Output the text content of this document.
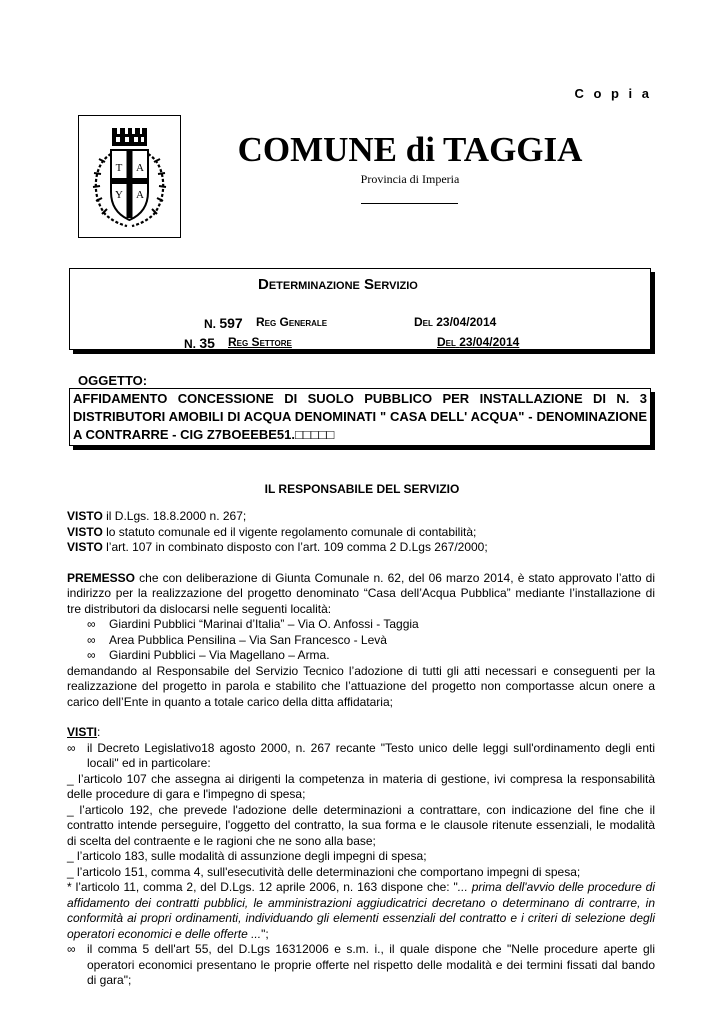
C o p i a
T A
Y A
COMUNE di TAGGIA
Provincia di Imperia
Determinazione Servizio
N. 597 Reg Generale	Del 23/04/2014
N. 35 Reg Settore	Del 23/04/2014
OGGETTO:
AFFIDAMENTO CONCESSIONE DI SUOLO PUBBLICO PER INSTALLAZIONE DI N. 3 DISTRIBUTORI AMOBILI DI ACQUA DENOMINATI " CASA DELL' ACQUA" - DENOMINAZIONE A CONTRARRE - CIG Z7BOEEBE51.□□□□□
IL RESPONSABILE DEL SERVIZIO

VISTO il D.Lgs. 18.8.2000 n. 267;

VISTO lo statuto comunale ed il vigente regolamento comunale di contabilità;

VISTO l’art. 107 in combinato disposto con l’art. 109 comma 2 D.Lgs 267/2000;

PREMESSO che con deliberazione di Giunta Comunale n. 62, del 06 marzo 2014, è stato approvato l’atto di indirizzo per la realizzazione del progetto denominato “Casa dell’Acqua Pubblica” mediante l’installazione di tre distributori da dislocarsi nelle seguenti località:

∞	Giardini Pubblici “Marinai d’Italia” – Via O. Anfossi - Taggia
∞	Area Pubblica Pensilina – Via San Francesco - Levà
∞	Giardini Pubblici – Via Magellano – Arma.

demandando al Responsabile del Servizio Tecnico l’adozione di tutti gli atti necessari e conseguenti per la realizzazione del progetto in parola e stabilito che l’attuazione del progetto non comportasse alcun onere a carico dell’Ente in quanto a totale carico della ditta affidataria;

VISTI:

∞ il Decreto Legislativo18 agosto 2000, n. 267 recante "Testo unico delle leggi sull'ordinamento degli enti locali" ed in particolare:

_ l’articolo 107 che assegna ai dirigenti la competenza in materia di gestione, ivi compresa la responsabilità delle procedure di gara e l'impegno di spesa;

_ l’articolo 192, che prevede l'adozione delle determinazioni a contrattare, con indicazione del fine che il contratto intende perseguire, l'oggetto del contratto, la sua forma e le clausole ritenute essenziali, le modalità di scelta del contraente e le ragioni che ne sono alla base;

_ l’articolo 183, sulle modalità di assunzione degli impegni di spesa;

_ l’articolo 151, comma 4, sull'esecutività delle determinazioni che comportano impegni di spesa;

* l’articolo 11, comma 2, del D.Lgs. 12 aprile 2006, n. 163 dispone che: "... prima dell'avvio delle procedure di affidamento dei contratti pubblici, le amministrazioni aggiudicatrici decretano o determinano di contrarre, in conformità ai propri ordinamenti, individuando gli elementi essenziali del contratto e i criteri di selezione degli operatori economici e delle offerte ...";

∞ il comma 5 dell'art 55, del D.Lgs 16312006 e s.m. i., il quale dispone che "Nelle procedure aperte gli operatori economici presentano le proprie offerte nel rispetto delle modalità e dei termini fissati dal bando di gara";
